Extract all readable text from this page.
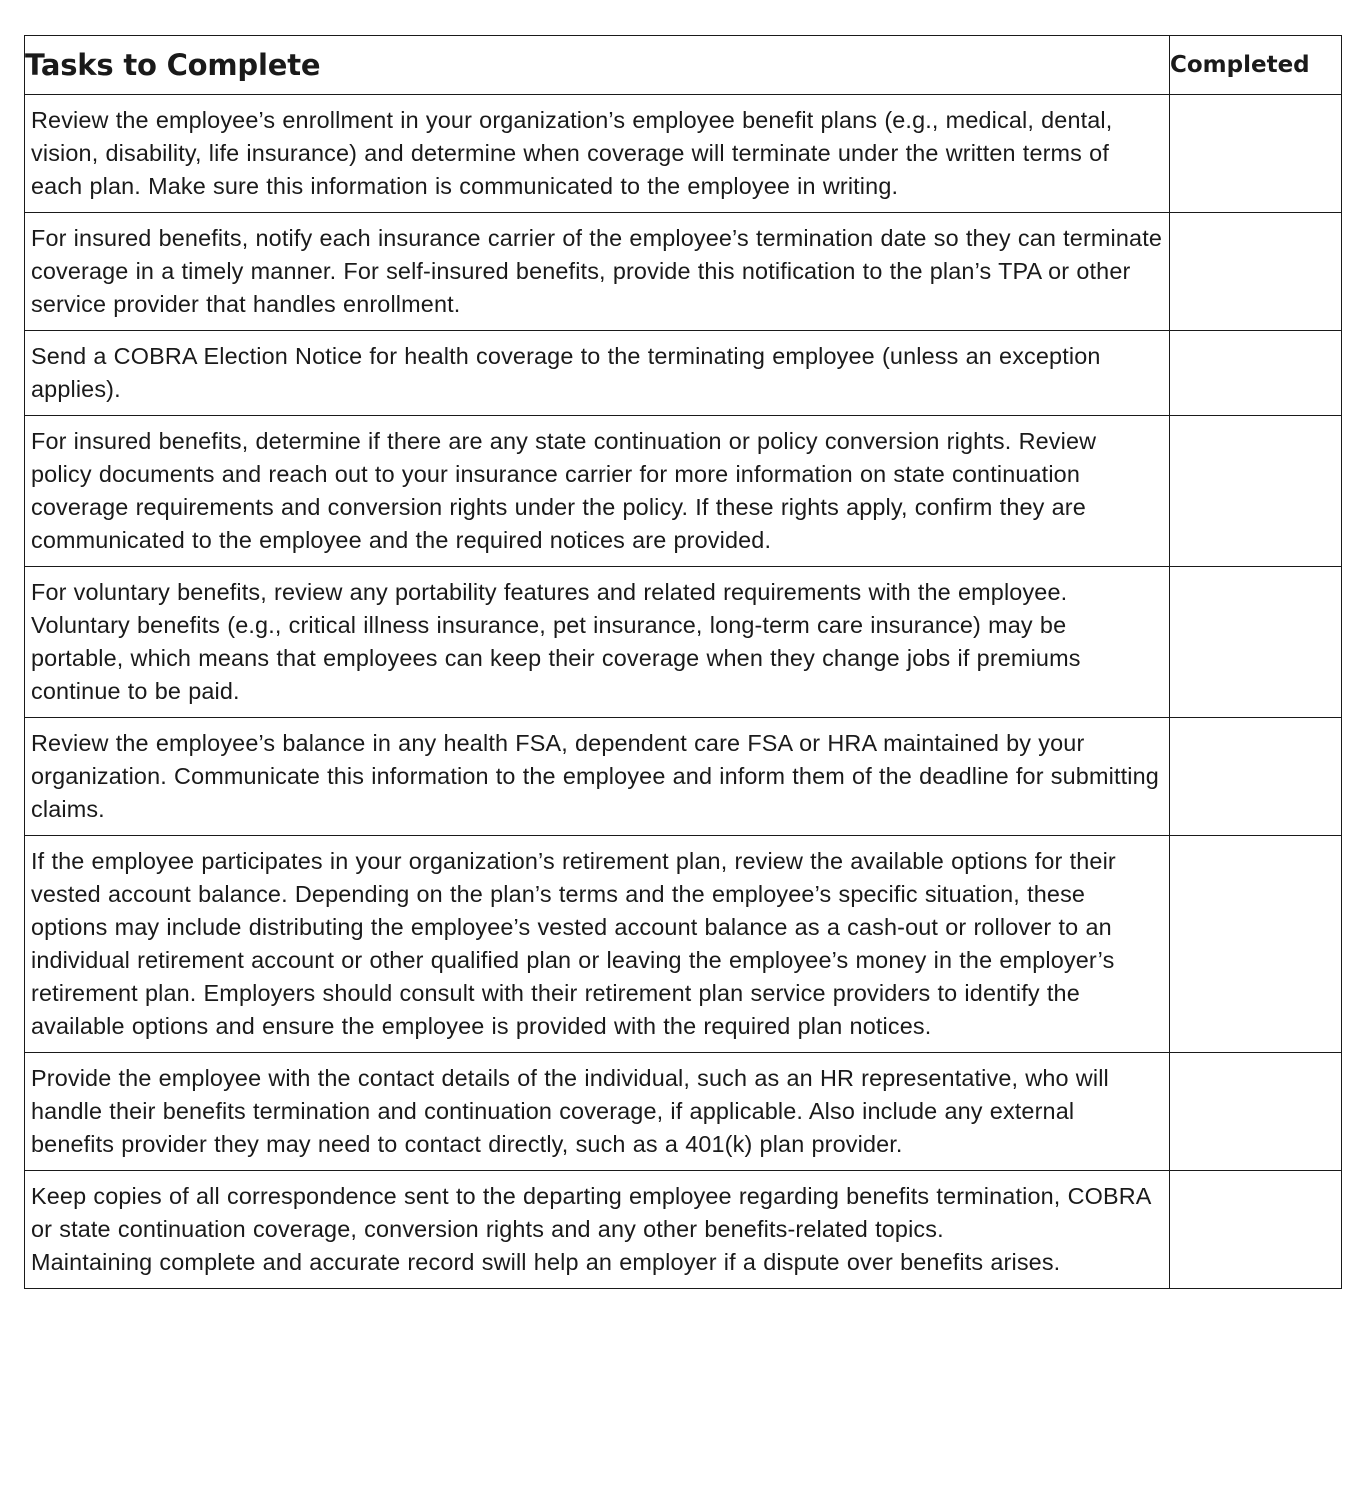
Tasks to Complete	Completed
Review the employee’s enrollment in your organization’s employee benefit plans (e.g., medical, dental, vision, disability, life insurance) and determine when coverage will terminate under the written terms of each plan. Make sure this information is communicated to the employee in writing.	
For insured benefits, notify each insurance carrier of the employee’s termination date so they can terminate coverage in a timely manner. For self-insured benefits, provide this notification to the plan’s TPA or other service provider that handles enrollment.	
Send a COBRA Election Notice for health coverage to the terminating employee (unless an exception applies).	
For insured benefits, determine if there are any state continuation or policy conversion rights. Review policy documents and reach out to your insurance carrier for more information on state continuation coverage requirements and conversion rights under the policy. If these rights apply, confirm they are communicated to the employee and the required notices are provided.	
For voluntary benefits, review any portability features and related requirements with the employee. Voluntary benefits (e.g., critical illness insurance, pet insurance, long-term care insurance) may be portable, which means that employees can keep their coverage when they change jobs if premiums continue to be paid.	
Review the employee’s balance in any health FSA, dependent care FSA or HRA maintained by your organization. Communicate this information to the employee and inform them of the deadline for submitting claims.	
If the employee participates in your organization’s retirement plan, review the available options for their vested account balance. Depending on the plan’s terms and the employee’s specific situation, these options may include distributing the employee’s vested account balance as a cash-out or rollover to an individual retirement account or other qualified plan or leaving the employee’s money in the employer’s retirement plan. Employers should consult with their retirement plan service providers to identify the available options and ensure the employee is provided with the required plan notices.	
Provide the employee with the contact details of the individual, such as an HR representative, who will handle their benefits termination and continuation coverage, if applicable. Also include any external benefits provider they may need to contact directly, such as a 401(k) plan provider.	
Keep copies of all correspondence sent to the departing employee regarding benefits termination, COBRA or state continuation coverage, conversion rights and any other benefits-related topics.
Maintaining complete and accurate record swill help an employer if a dispute over benefits arises.	
